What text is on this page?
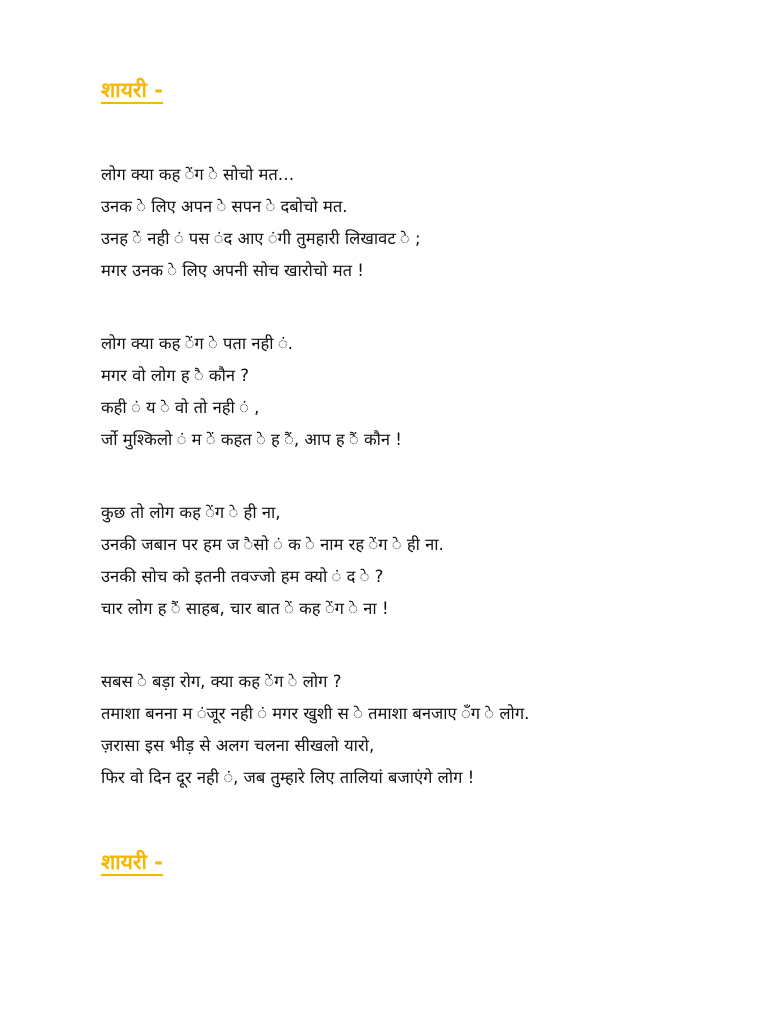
शायरी -
लोग क्या कह ेंग े सोचो मत…
उनक े लिए अपन े सपन े दबोचो मत.
उनह ें नही ं पस ंद आए ंगी तुमहारी लिखावट े ;
मगर उनक े लिए अपनी सोच खारोचो मत !
लोग क्या कह ेंग े पता नही ं.
मगर वो लोग ह ै कौन ?
कही ं य े वो तो नही ं ,
र्जो मुश्किलो ं म ें कहत े ह ैं, आप ह ैं कौन !
कुछ तो लोग कह ेंग े ही ना,
उनकी जबान पर हम ज ैसो ं क े नाम रह ेंग े ही ना.
उनकी सोच को इतनी तवज्जो हम क्यो ं द े ?
चार लोग ह ैं साहब, चार बात ें कह ेंग े ना !
सबस े बड़ा रोग, क्या कह ेंग े लोग ?
तमाशा बनना म ंजूर नही ं मगर खुशी स े तमाशा बनजाए ँग े लोग.
ज़रासा इस भीड़ से अलग चलना सीखलो यारो,
फिर वो दिन दूर नही ं, जब तुम्हारे लिए तालियां बजाएंगे लोग !
शायरी -
